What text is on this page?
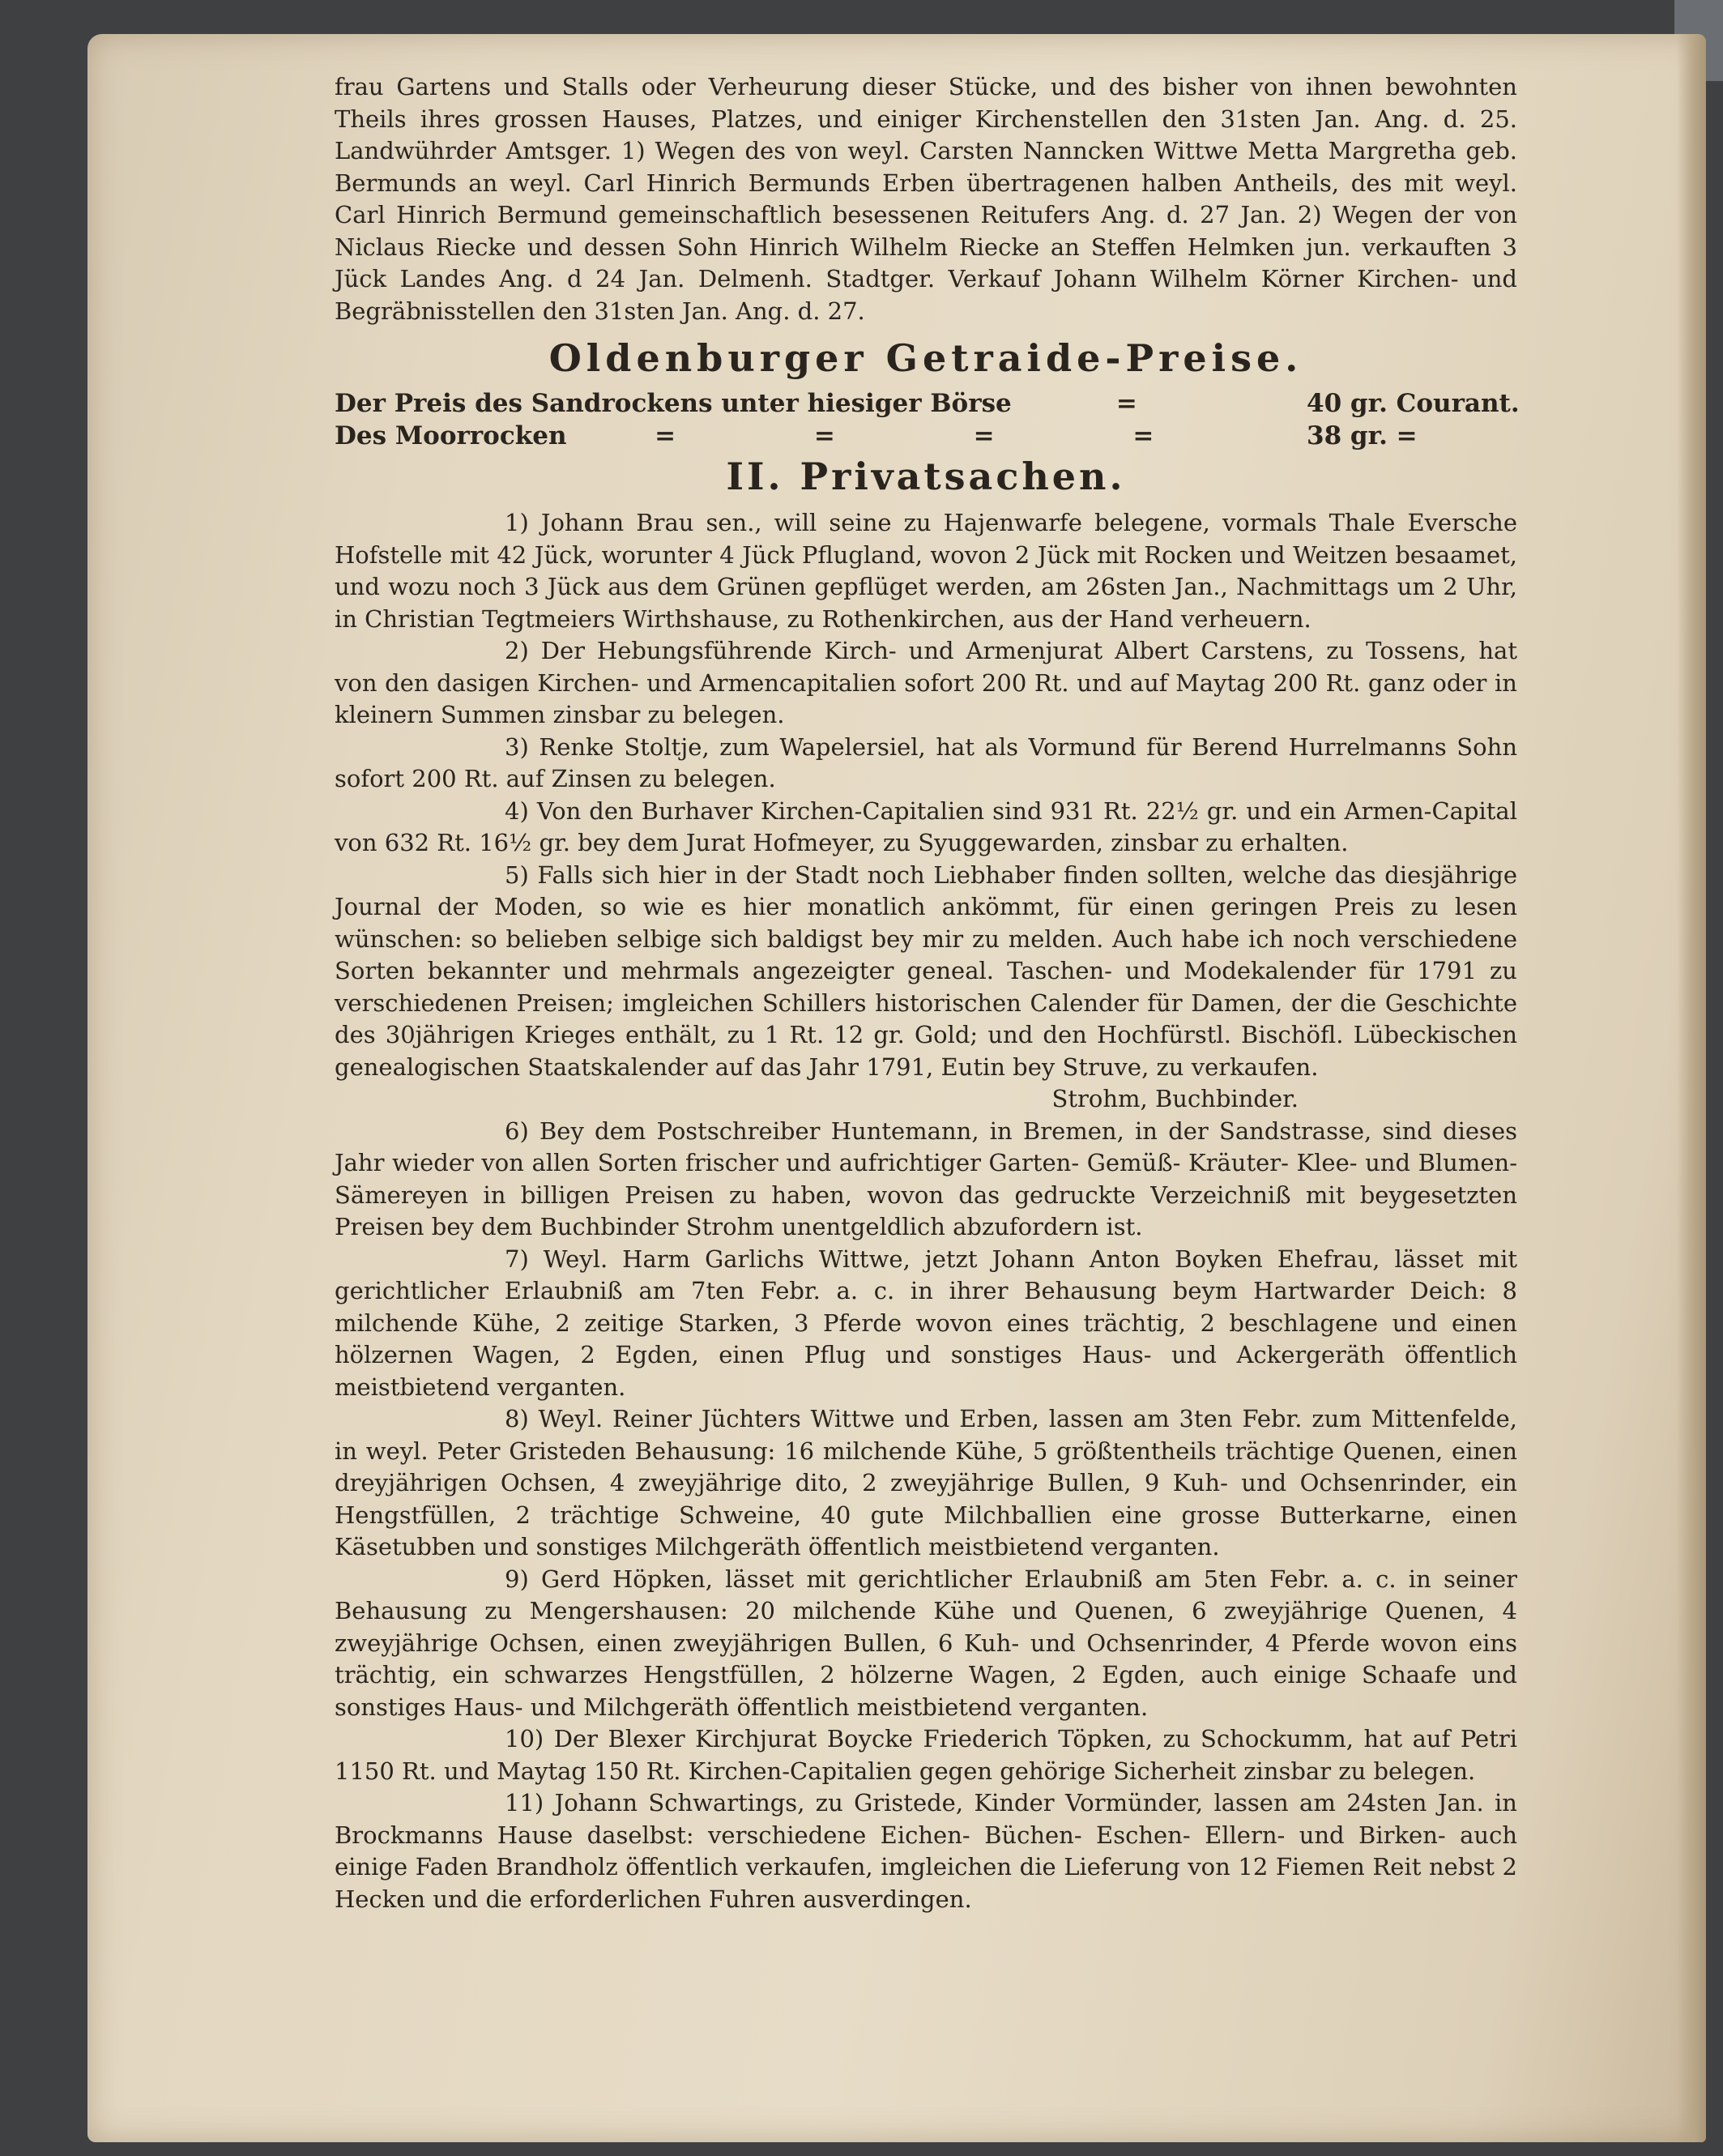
frau Gartens und Stalls oder Verheurung dieser Stücke, und des bisher von ihnen bewohnten Theils ihres grossen Hauses, Platzes, und einiger Kirchenstellen den 31sten Jan. Ang. d. 25. Landwührder Amtsger. 1) Wegen des von weyl. Carsten Nanncken Wittwe Metta Margretha geb. Bermunds an weyl. Carl Hinrich Bermunds Erben übertragenen halben Antheils, des mit weyl. Carl Hinrich Bermund gemeinschaftlich besessenen Reitufers Ang. d. 27 Jan. 2) Wegen der von Niclaus Riecke und dessen Sohn Hinrich Wilhelm Riecke an Steffen Helmken jun. verkauften 3 Jück Landes Ang. d 24 Jan. Delmenh. Stadtger. Verkauf Johann Wilhelm Körner Kirchen- und Begräbnisstellen den 31sten Jan. Ang. d. 27.

Oldenburger Getraide-Preise.
Der Preis des Sandrockens unter hiesiger Börse	=	40 gr. Courant.
Des Moorrocken	= = = =	38 gr. =
II. Privatsachen.

1) Johann Brau sen., will seine zu Hajenwarfe belegene, vormals Thale Eversche Hofstelle mit 42 Jück, worunter 4 Jück Pflugland, wovon 2 Jück mit Rocken und Weitzen besaamet, und wozu noch 3 Jück aus dem Grünen gepflüget werden, am 26sten Jan., Nachmittags um 2 Uhr, in Christian Tegtmeiers Wirthshause, zu Rothenkirchen, aus der Hand verheuern.

2) Der Hebungsführende Kirch- und Armenjurat Albert Carstens, zu Tossens, hat von den dasigen Kirchen- und Armencapitalien sofort 200 Rt. und auf Maytag 200 Rt. ganz oder in kleinern Summen zinsbar zu belegen.

3) Renke Stoltje, zum Wapelersiel, hat als Vormund für Berend Hurrelmanns Sohn sofort 200 Rt. auf Zinsen zu belegen.

4) Von den Burhaver Kirchen-Capitalien sind 931 Rt. 22½ gr. und ein Armen-Capital von 632 Rt. 16½ gr. bey dem Jurat Hofmeyer, zu Syuggewarden, zinsbar zu erhalten.

5) Falls sich hier in der Stadt noch Liebhaber finden sollten, welche das diesjährige Journal der Moden, so wie es hier monatlich ankömmt, für einen geringen Preis zu lesen wünschen: so belieben selbige sich baldigst bey mir zu melden. Auch habe ich noch verschiedene Sorten bekannter und mehrmals angezeigter geneal. Taschen- und Modekalender für 1791 zu verschiedenen Preisen; imgleichen Schillers historischen Calender für Damen, der die Geschichte des 30jährigen Krieges enthält, zu 1 Rt. 12 gr. Gold; und den Hochfürstl. Bischöfl. Lübeckischen genealogischen Staatskalender auf das Jahr 1791, Eutin bey Struve, zu verkaufen.

Strohm, Buchbinder.

6) Bey dem Postschreiber Huntemann, in Bremen, in der Sandstrasse, sind dieses Jahr wieder von allen Sorten frischer und aufrichtiger Garten- Gemüß- Kräuter- Klee- und Blumen-Sämereyen in billigen Preisen zu haben, wovon das gedruckte Verzeichniß mit beygesetzten Preisen bey dem Buchbinder Strohm unentgeldlich abzufordern ist.

7) Weyl. Harm Garlichs Wittwe, jetzt Johann Anton Boyken Ehefrau, lässet mit gerichtlicher Erlaubniß am 7ten Febr. a. c. in ihrer Behausung beym Hartwarder Deich: 8 milchende Kühe, 2 zeitige Starken, 3 Pferde wovon eines trächtig, 2 beschlagene und einen hölzernen Wagen, 2 Egden, einen Pflug und sonstiges Haus- und Ackergeräth öffentlich meistbietend verganten.

8) Weyl. Reiner Jüchters Wittwe und Erben, lassen am 3ten Febr. zum Mittenfelde, in weyl. Peter Gristeden Behausung: 16 milchende Kühe, 5 größtentheils trächtige Quenen, einen dreyjährigen Ochsen, 4 zweyjährige dito, 2 zweyjährige Bullen, 9 Kuh- und Ochsenrinder, ein Hengstfüllen, 2 trächtige Schweine, 40 gute Milchballien eine grosse Butterkarne, einen Käsetubben und sonstiges Milchgeräth öffentlich meistbietend verganten.

9) Gerd Höpken, lässet mit gerichtlicher Erlaubniß am 5ten Febr. a. c. in seiner Behausung zu Mengershausen: 20 milchende Kühe und Quenen, 6 zweyjährige Quenen, 4 zweyjährige Ochsen, einen zweyjährigen Bullen, 6 Kuh- und Ochsenrinder, 4 Pferde wovon eins trächtig, ein schwarzes Hengstfüllen, 2 hölzerne Wagen, 2 Egden, auch einige Schaafe und sonstiges Haus- und Milchgeräth öffentlich meistbietend verganten.

10) Der Blexer Kirchjurat Boycke Friederich Töpken, zu Schockumm, hat auf Petri 1150 Rt. und Maytag 150 Rt. Kirchen-Capitalien gegen gehörige Sicherheit zinsbar zu belegen.

11) Johann Schwartings, zu Gristede, Kinder Vormünder, lassen am 24sten Jan. in Brockmanns Hause daselbst: verschiedene Eichen- Büchen- Eschen- Ellern- und Birken- auch einige Faden Brandholz öffentlich verkaufen, imgleichen die Lieferung von 12 Fiemen Reit nebst 2 Hecken und die erforderlichen Fuhren ausverdingen.
